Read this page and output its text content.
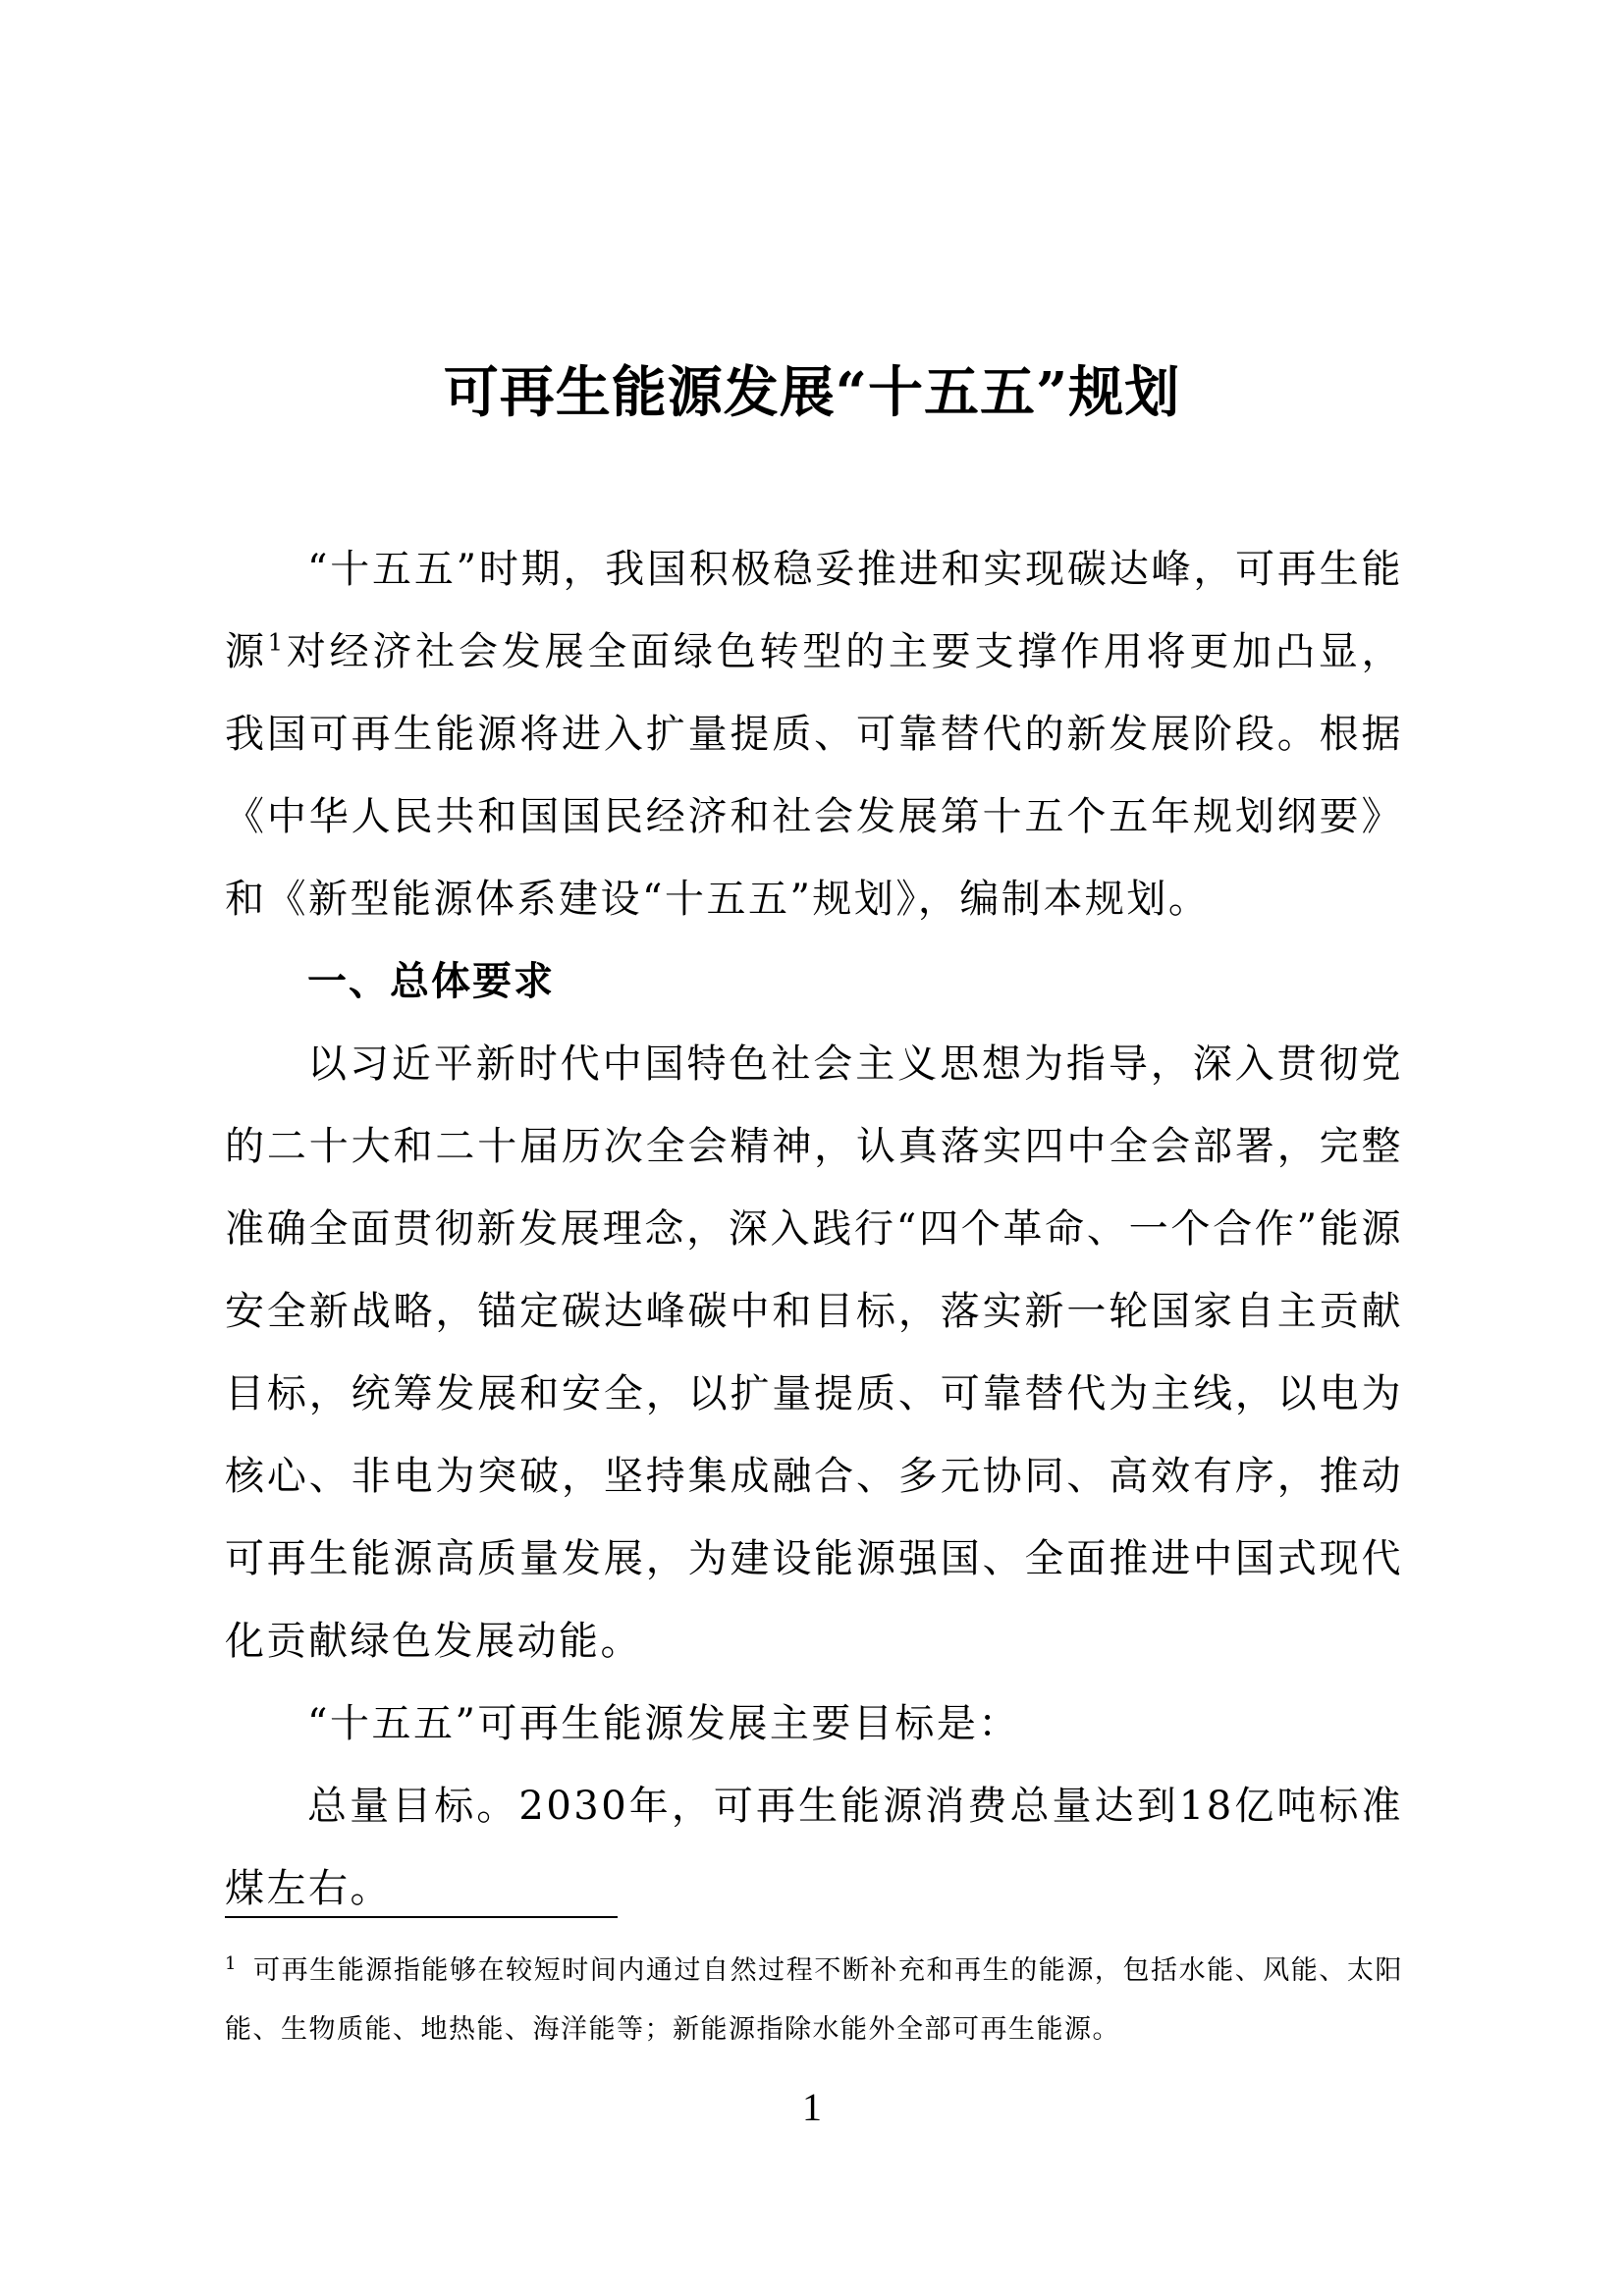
可再生能源发展“十五五”规划

“十五五”时期，我国积极稳妥推进和实现碳达峰，可再生能源$^1$对经济社会发展全面绿色转型的主要支撑作用将更加凸显，我国可再生能源将进入扩量提质、可靠替代的新发展阶段。根据《中华人民共和国国民经济和社会发展第十五个五年规划纲要》和《新型能源体系建设“十五五”规划》，编制本规划。

一、总体要求

以习近平新时代中国特色社会主义思想为指导，深入贯彻党的二十大和二十届历次全会精神，认真落实四中全会部署，完整准确全面贯彻新发展理念，深入践行“四个革命、一个合作”能源安全新战略，锚定碳达峰碳中和目标，落实新一轮国家自主贡献目标，统筹发展和安全，以扩量提质、可靠替代为主线，以电为核心、非电为突破，坚持集成融合、多元协同、高效有序，推动可再生能源高质量发展，为建设能源强国、全面推进中国式现代化贡献绿色发展动能。

“十五五”可再生能源发展主要目标是：

总量目标。2030年，可再生能源消费总量达到18亿吨标准煤左右。

$^1$ 可再生能源指能够在较短时间内通过自然过程不断补充和再生的能源，包括水能、风能、太阳能、生物质能、地热能、海洋能等；新能源指除水能外全部可再生能源。

1
